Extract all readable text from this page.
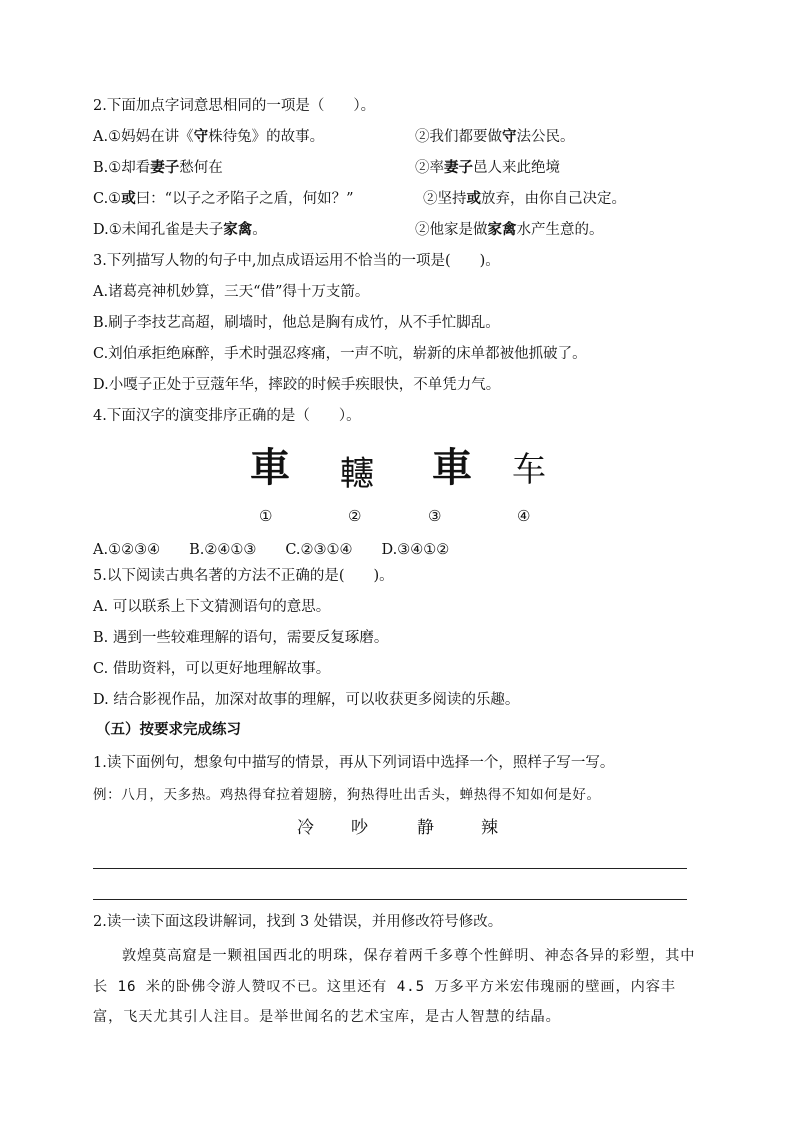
2.下面加点字词意思相同的一项是（　　）。
A.①妈妈在讲《守株待兔》的故事。	②我们都要做守法公民。
B.①却看妻子愁何在	②率妻子邑人来此绝境
C.①或曰：“以子之矛陷子之盾，何如？”	②坚持或放弃，由你自己决定。
D.①未闻孔雀是夫子家禽。	②他家是做家禽水产生意的。
3.下列描写人物的句子中,加点成语运用不恰当的一项是(　　)。
A.诸葛亮神机妙算，三天“借”得十万支箭。
B.刷子李技艺高超，刷墙时，他总是胸有成竹，从不手忙脚乱。
C.刘伯承拒绝麻醉，手术时强忍疼痛，一声不吭，崭新的床单都被他抓破了。
D.小嘎子正处于豆蔻年华，摔跤的时候手疾眼快，不单凭力气。
4.下面汉字的演变排序正确的是（　　）。
車 𨏥 車 车
①	②	③	④
A.①②③④　　B.②④①③　　C.②③①④　　D.③④①②
5.以下阅读古典名著的方法不正确的是(　　)。
A. 可以联系上下文猜测语句的意思。
B. 遇到一些较难理解的语句，需要反复琢磨。
C. 借助资料，可以更好地理解故事。
D. 结合影视作品，加深对故事的理解，可以收获更多阅读的乐趣。
（五）按要求完成练习
1.读下面例句，想象句中描写的情景，再从下列词语中选择一个，照样子写一写。
例：八月，天多热。鸡热得耷拉着翅膀，狗热得吐出舌头，蝉热得不知如何是好。
冷 吵	静	辣
2.读一读下面这段讲解词，找到 3 处错误，并用修改符号修改。
敦煌莫高窟是一颗祖国西北的明珠，保存着两千多尊个性鲜明、神态各异的彩塑，其中长 16 米的卧佛令游人赞叹不已。这里还有 4.5 万多平方米宏伟瑰丽的壁画，内容丰富，飞天尤其引人注目。是举世闻名的艺术宝库，是古人智慧的结晶。
